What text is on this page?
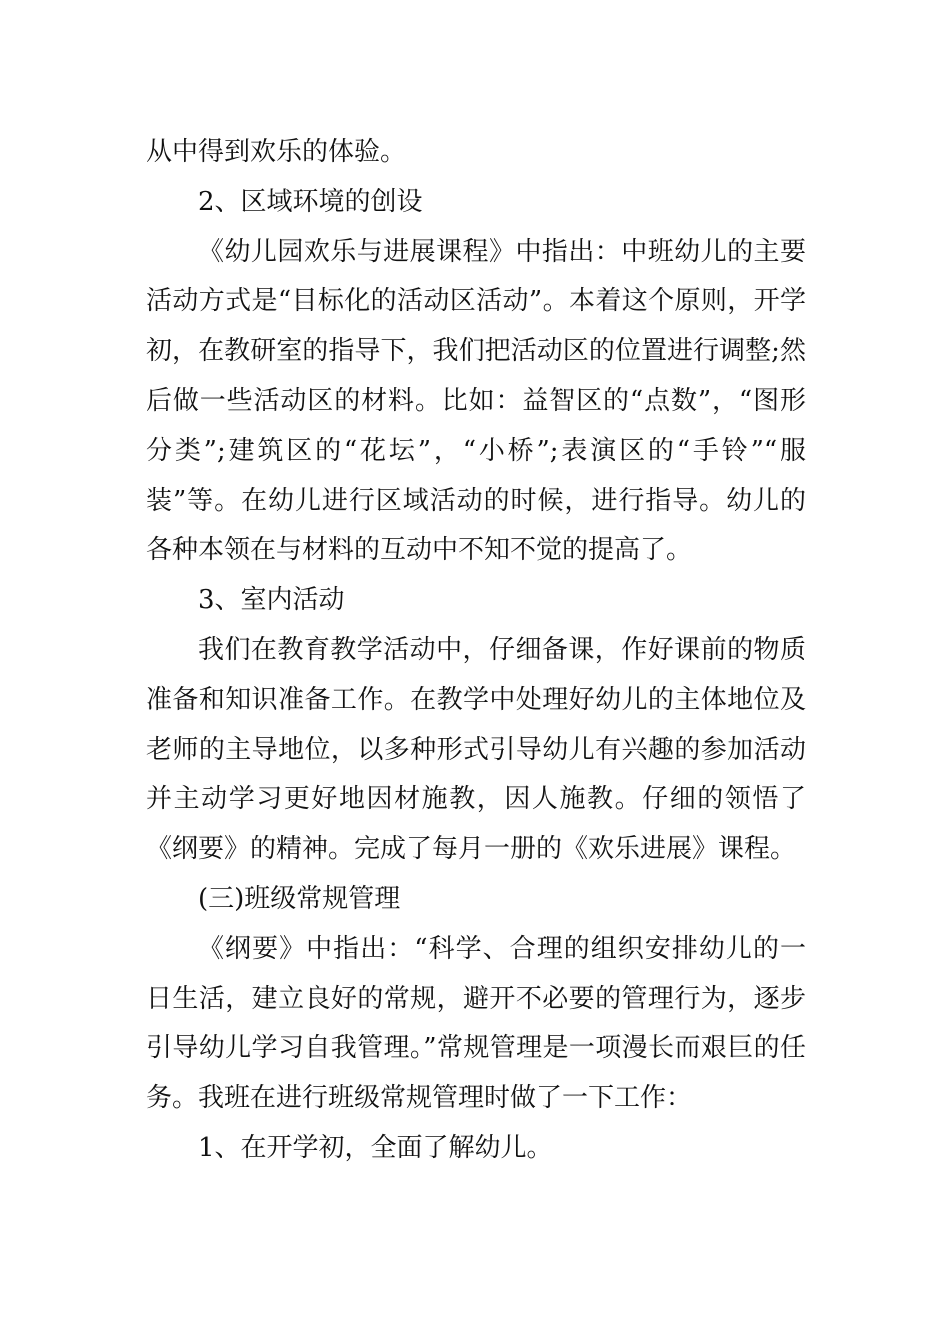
从中得到欢乐的体验。

2、区域环境的创设

《幼儿园欢乐与进展课程》中指出：中班幼儿的主要活动方式是“目标化的活动区活动”。本着这个原则，开学初，在教研室的指导下，我们把活动区的位置进行调整;然后做一些活动区的材料。比如：益智区的“点数”，“图形分类”;建筑区的“花坛”，“小桥”;表演区的“手铃”“服装”等。在幼儿进行区域活动的时候，进行指导。幼儿的各种本领在与材料的互动中不知不觉的提高了。

3、室内活动

我们在教育教学活动中，仔细备课，作好课前的物质准备和知识准备工作。在教学中处理好幼儿的主体地位及老师的主导地位，以多种形式引导幼儿有兴趣的参加活动并主动学习更好地因材施教，因人施教。仔细的领悟了《纲要》的精神。完成了每月一册的《欢乐进展》课程。

(三)班级常规管理

《纲要》中指出：“科学、合理的组织安排幼儿的一日生活，建立良好的常规，避开不必要的管理行为，逐步引导幼儿学习自我管理。”常规管理是一项漫长而艰巨的任务。我班在进行班级常规管理时做了一下工作：

1、在开学初，全面了解幼儿。
